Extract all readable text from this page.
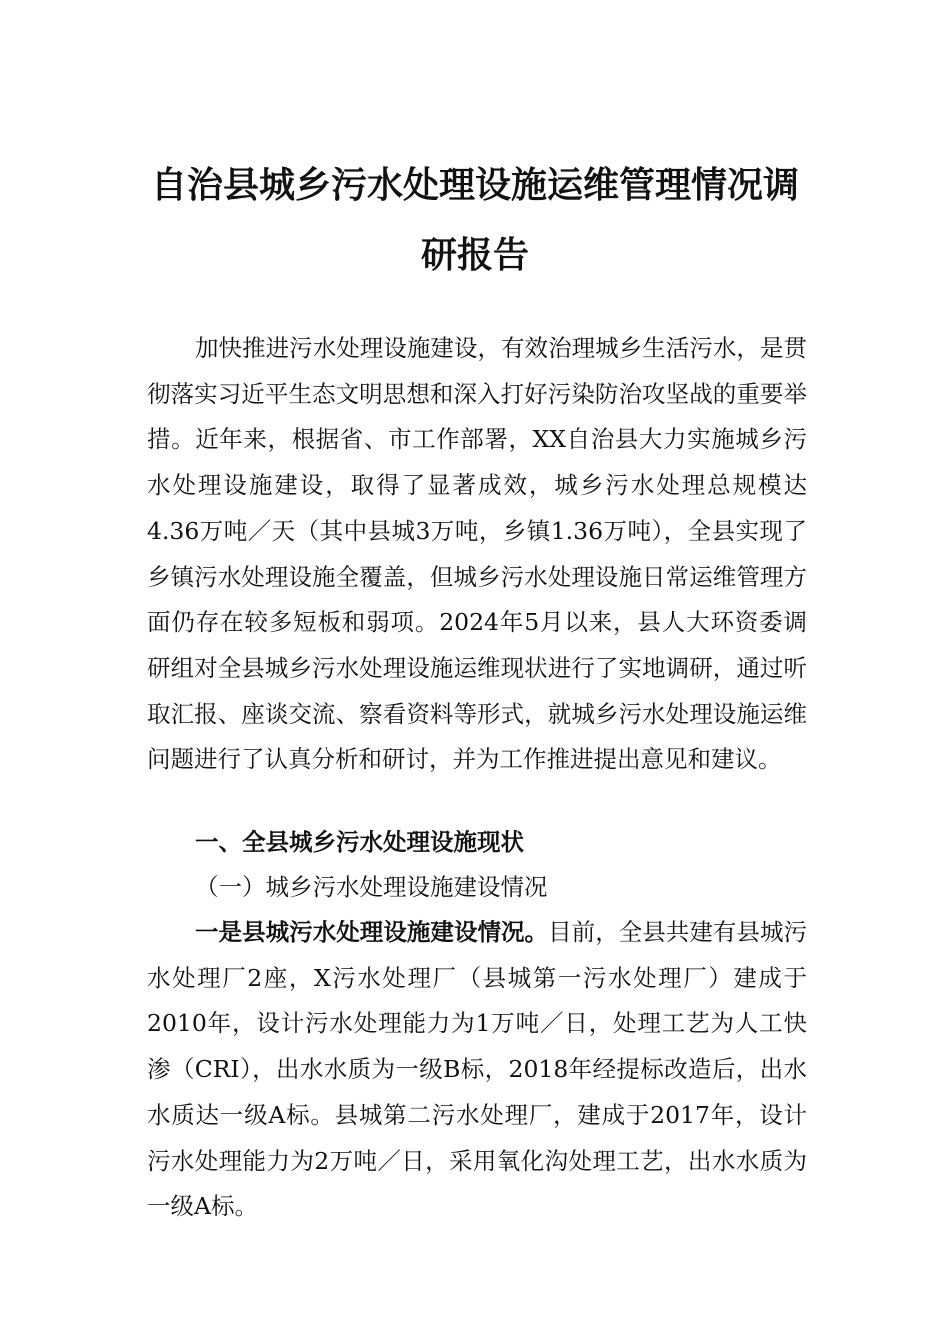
自治县城乡污水处理设施运维管理情况调研报告

加快推进污水处理设施建设，有效治理城乡生活污水，是贯彻落实习近平生态文明思想和深入打好污染防治攻坚战的重要举措。近年来，根据省、市工作部署，XX自治县大力实施城乡污水处理设施建设，取得了显著成效，城乡污水处理总规模达4.36万吨／天（其中县城3万吨，乡镇1.36万吨），全县实现了乡镇污水处理设施全覆盖，但城乡污水处理设施日常运维管理方面仍存在较多短板和弱项。2024年5月以来，县人大环资委调研组对全县城乡污水处理设施运维现状进行了实地调研，通过听取汇报、座谈交流、察看资料等形式，就城乡污水处理设施运维问题进行了认真分析和研讨，并为工作推进提出意见和建议。

一、全县城乡污水处理设施现状

（一）城乡污水处理设施建设情况

一是县城污水处理设施建设情况。目前，全县共建有县城污水处理厂2座，X污水处理厂（县城第一污水处理厂）建成于2010年，设计污水处理能力为1万吨／日，处理工艺为人工快渗（CRI），出水水质为一级B标，2018年经提标改造后，出水水质达一级A标。县城第二污水处理厂，建成于2017年，设计污水处理能力为2万吨／日，采用氧化沟处理工艺，出水水质为一级A标。
